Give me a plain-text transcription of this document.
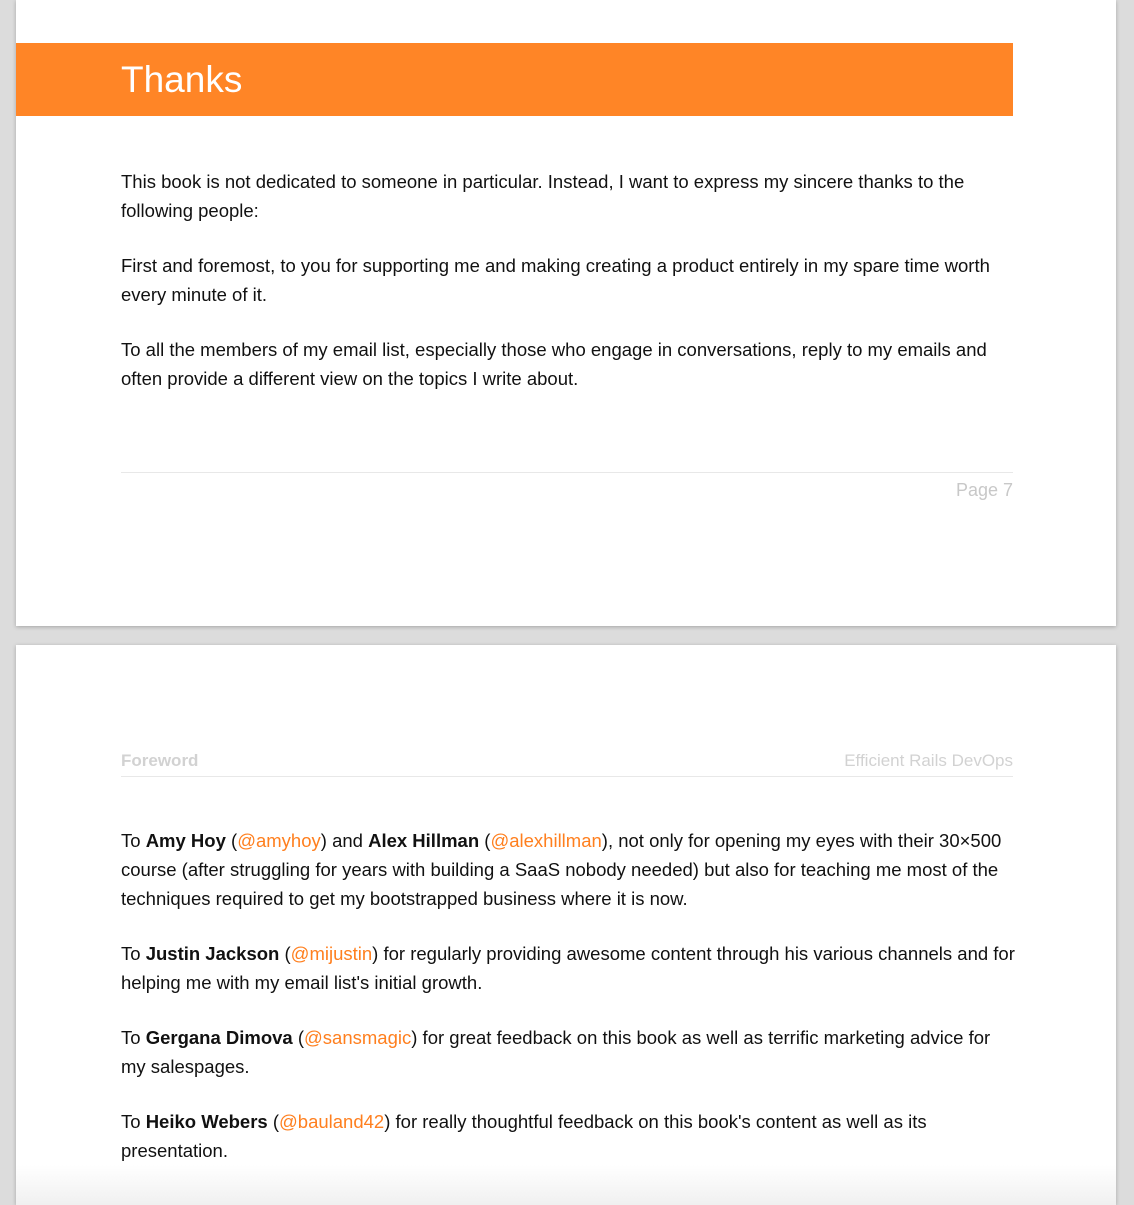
Thanks

This book is not dedicated to someone in particular. Instead, I want to express my sincere thanks to the following people:

First and foremost, to you for supporting me and making creating a product entirely in my spare time worth every minute of it.

To all the members of my email list, especially those who engage in conversations, reply to my emails and often provide a different view on the topics I write about.

Page 7
Foreword	Efficient Rails DevOps

To Amy Hoy (@amyhoy) and Alex Hillman (@alexhillman), not only for opening my eyes with their 30×500 course (after struggling for years with building a SaaS nobody needed) but also for teaching me most of the techniques required to get my bootstrapped business where it is now.

To Justin Jackson (@mijustin) for regularly providing awesome content through his various channels and for helping me with my email list's initial growth.

To Gergana Dimova (@sansmagic) for great feedback on this book as well as terrific marketing advice for my salespages.

To Heiko Webers (@bauland42) for really thoughtful feedback on this book's content as well as its presentation.
